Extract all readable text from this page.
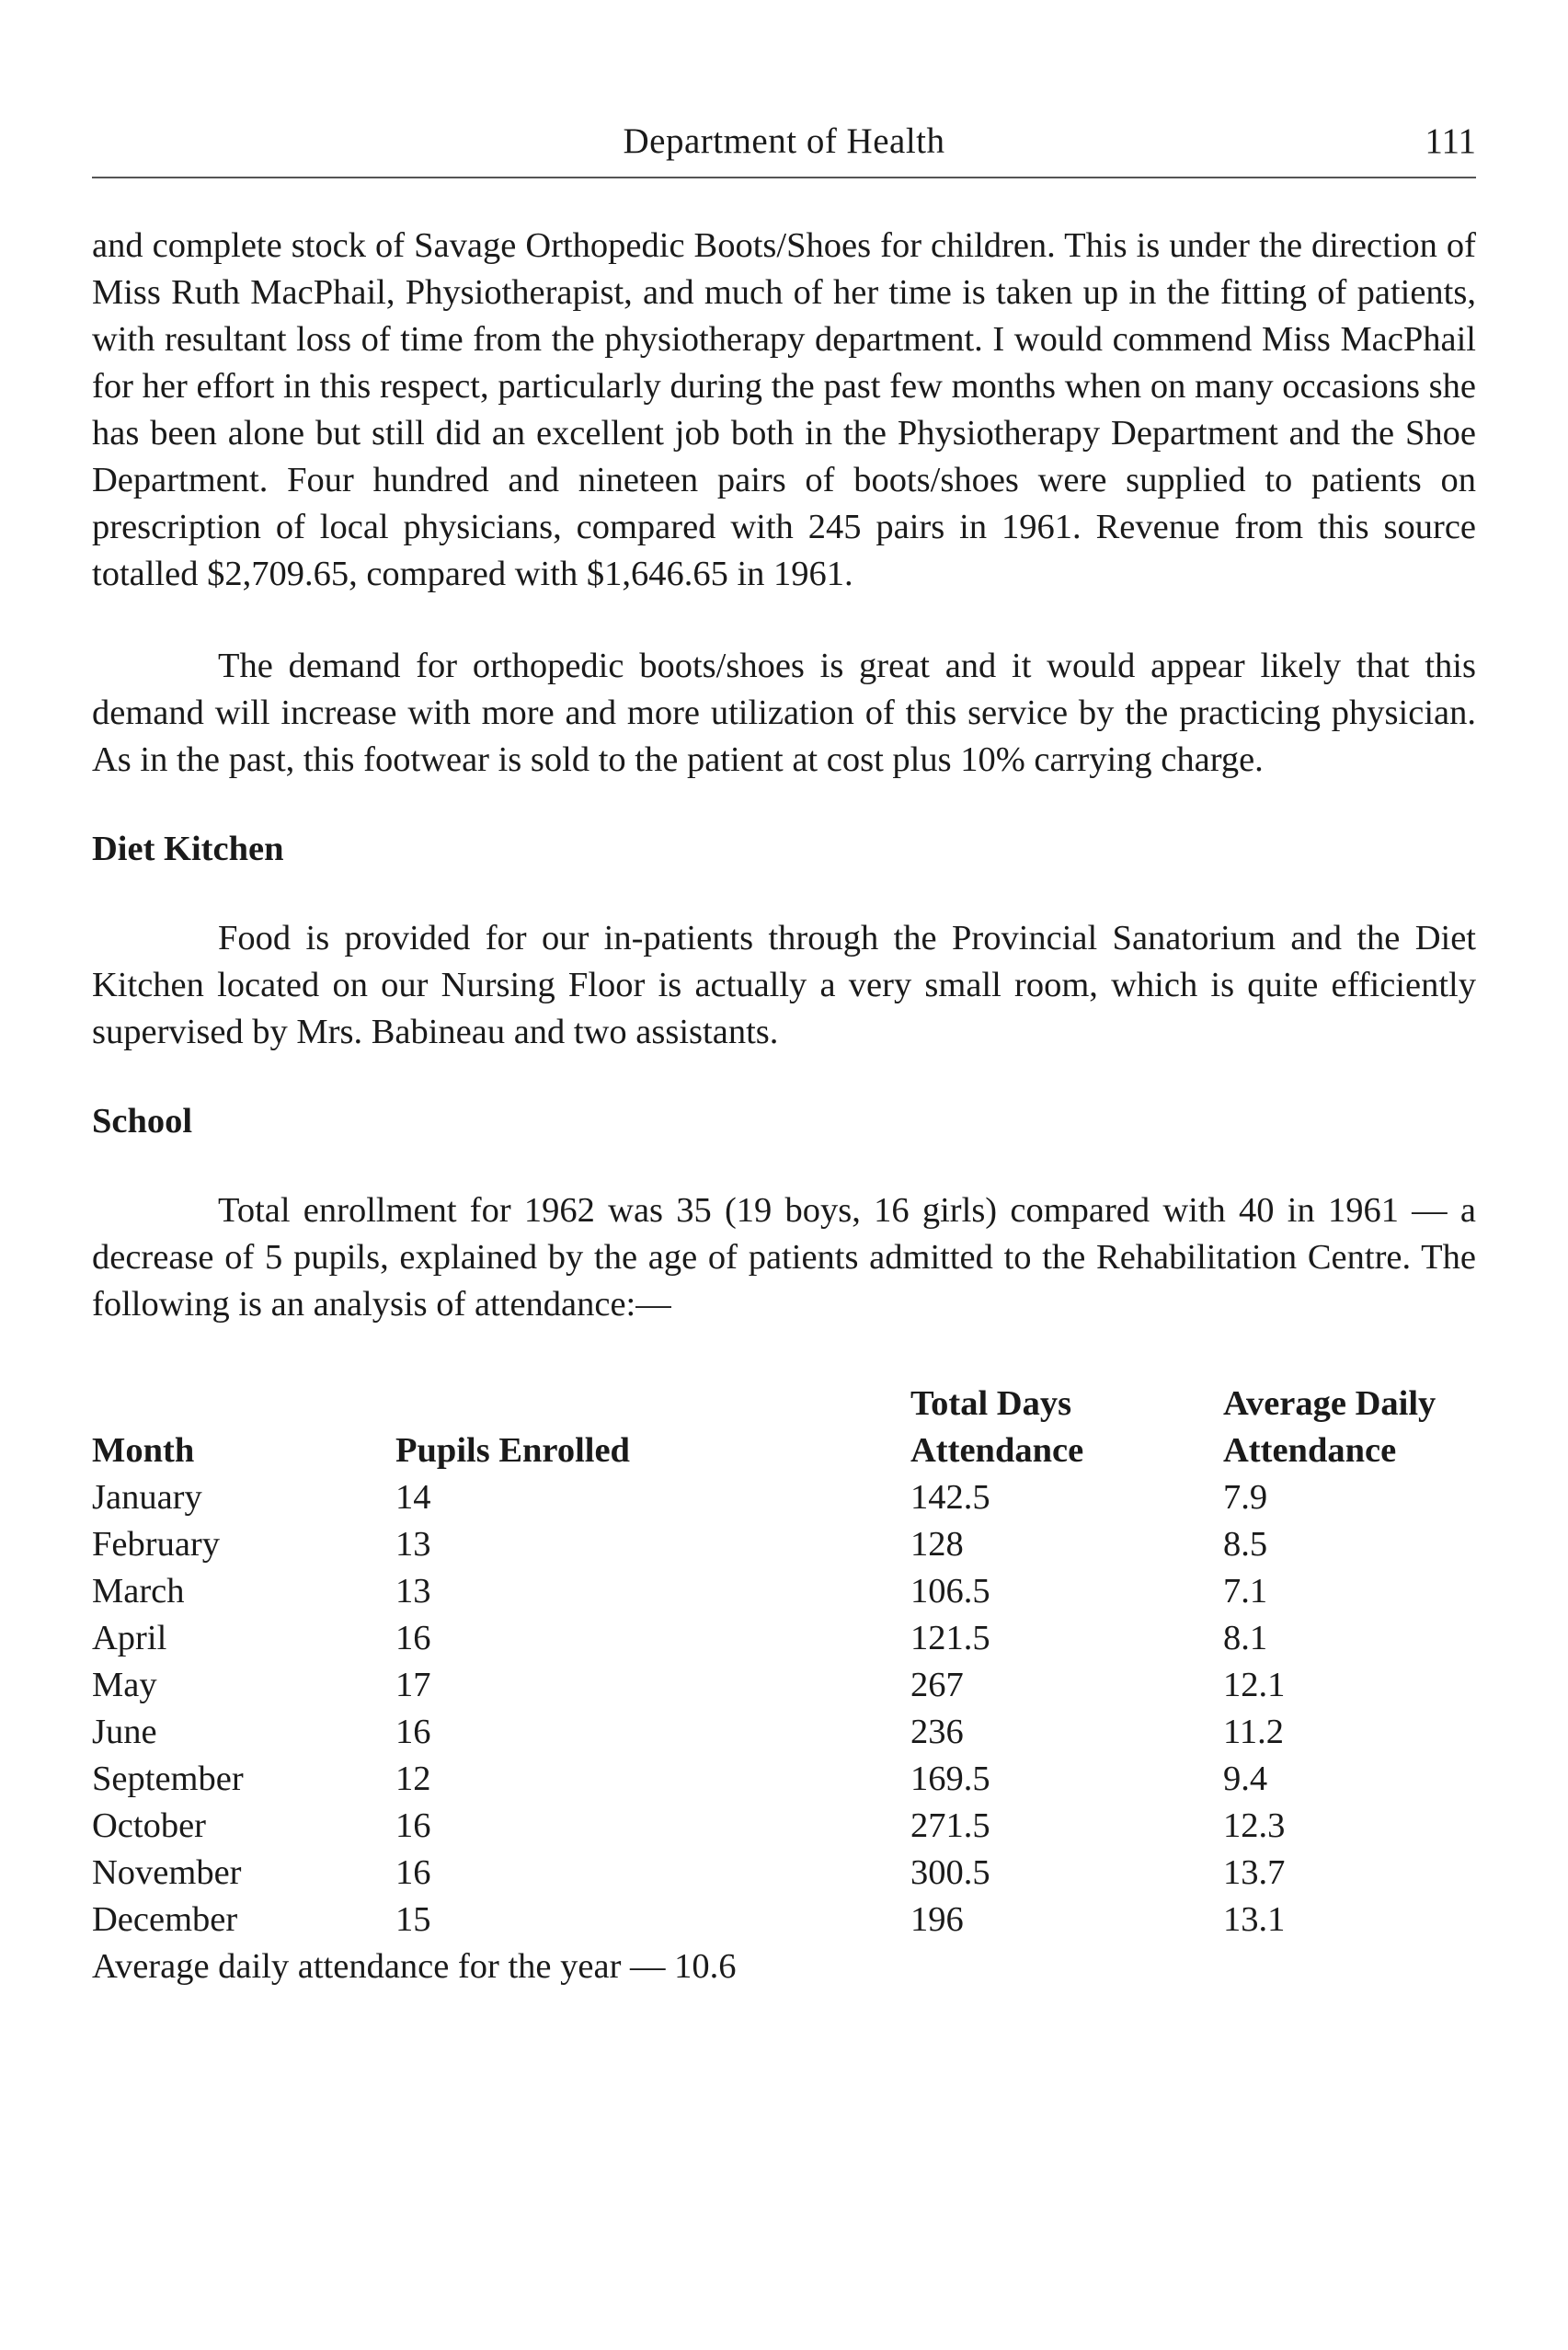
Department of Health	111

and complete stock of Savage Orthopedic Boots/Shoes for children. This is under the direction of Miss Ruth MacPhail, Physiotherapist, and much of her time is taken up in the fitting of patients, with resultant loss of time from the physiotherapy department. I would commend Miss MacPhail for her effort in this respect, particularly during the past few months when on many occasions she has been alone but still did an excellent job both in the Physiotherapy Department and the Shoe Department. Four hundred and nineteen pairs of boots/shoes were supplied to patients on prescription of local physicians, compared with 245 pairs in 1961. Revenue from this source totalled $2,709.65, compared with $1,646.65 in 1961.

The demand for orthopedic boots/shoes is great and it would appear likely that this demand will increase with more and more utilization of this service by the practicing physician. As in the past, this footwear is sold to the patient at cost plus 10% carrying charge.

Diet Kitchen

Food is provided for our in-patients through the Provincial Sanatorium and the Diet Kitchen located on our Nursing Floor is actually a very small room, which is quite efficiently supervised by Mrs. Babineau and two assistants.

School

Total enrollment for 1962 was 35 (19 boys, 16 girls) compared with 40 in 1961 — a decrease of 5 pupils, explained by the age of patients admitted to the Rehabilitation Centre. The following is an analysis of attendance:—

		Total Days	Average Daily
Month	Pupils Enrolled	Attendance	Attendance
January	14	142.5	7.9
February	13	128	8.5
March	13	106.5	7.1
April	16	121.5	8.1
May	17	267	12.1
June	16	236	11.2
September	12	169.5	9.4
October	16	271.5	12.3
November	16	300.5	13.7
December	15	196	13.1
Average daily attendance for the year — 10.6
